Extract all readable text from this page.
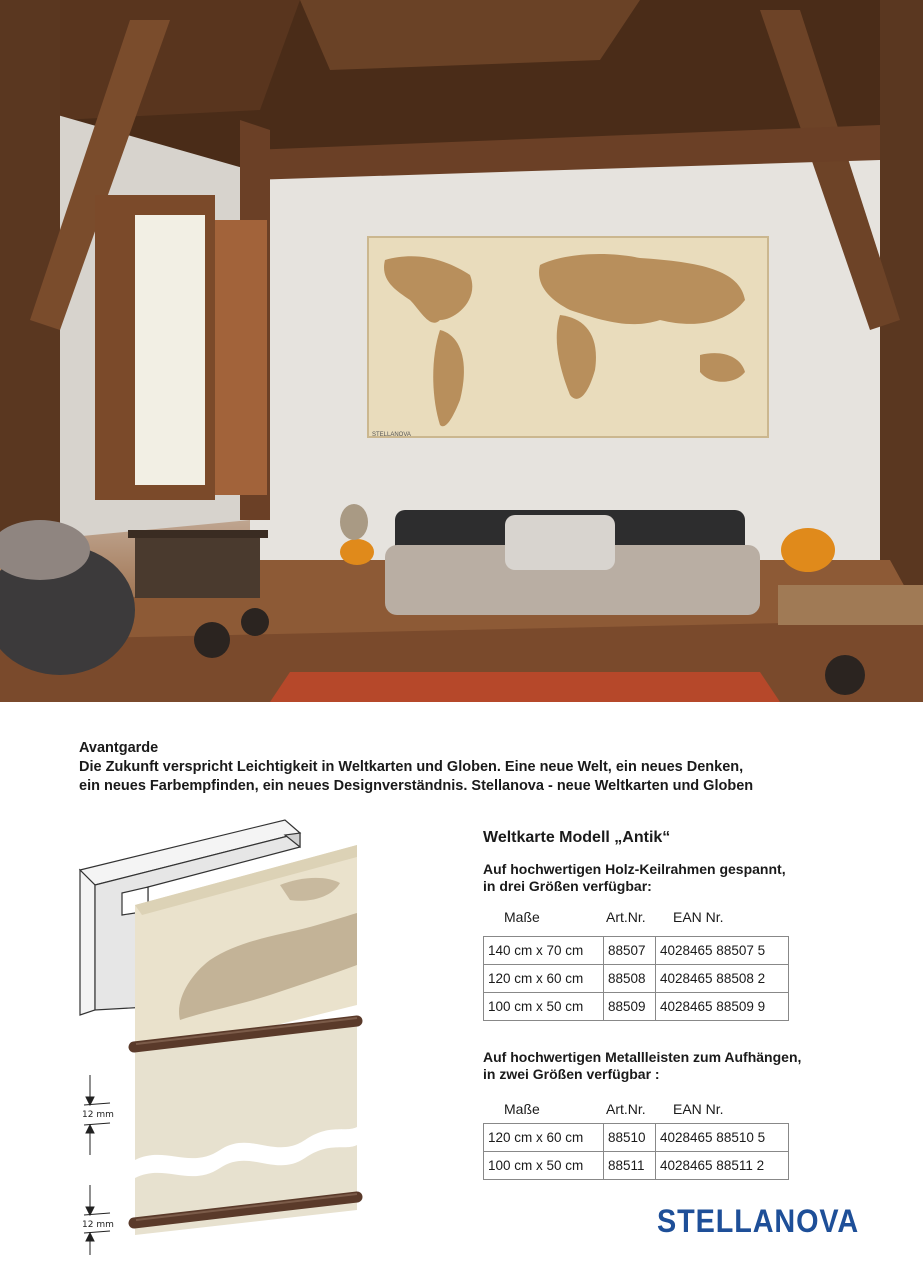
STELLANOVA
Avantgarde
Die Zukunft verspricht Leichtigkeit in Weltkarten und Globen. Eine neue Welt, ein neues Denken,
ein neues Farbempfinden, ein neues Designverständnis. Stellanova - neue Weltkarten und Globen
12 mm
12 mm
Weltkarte Modell „Antik“
Auf hochwertigen Holz-Keilrahmen gespannt,
in drei Größen verfügbar:
Maße	Art.Nr. EAN Nr.
140 cm x 70 cm	88507	4028465 88507 5
120 cm x 60 cm	88508	4028465 88508 2
100 cm x 50 cm	88509	4028465 88509 9
Auf hochwertigen Metallleisten zum Aufhängen,
in zwei Größen verfügbar :
Maße	Art.Nr. EAN Nr.
120 cm x 60 cm	88510	4028465 88510 5
100 cm x 50 cm	88511	4028465 88511 2
STELLANOVA
